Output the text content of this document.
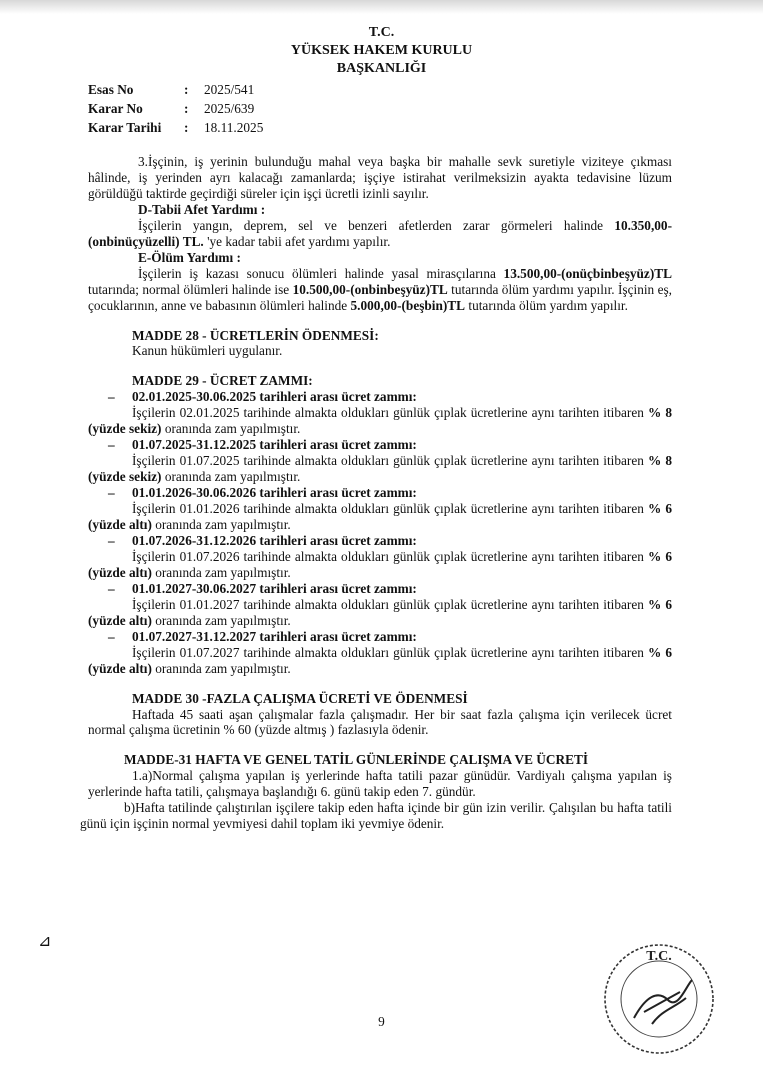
T.C.
YÜKSEK HAKEM KURULU
BAŞKANLIĞI
Esas No	:	2025/541
Karar No	:	2025/639
Karar Tarihi	:	18.11.2025

3.İşçinin, iş yerinin bulunduğu mahal veya başka bir mahalle sevk suretiyle viziteye çıkması hâlinde, iş yerinden ayrı kalacağı zamanlarda; işçiye istirahat verilmeksizin ayakta tedavisine lüzum görüldüğü taktirde geçirdiği süreler için işçi ücretli izinli sayılır.

D-Tabii Afet Yardımı :

İşçilerin yangın, deprem, sel ve benzeri afetlerden zarar görmeleri halinde 10.350,00-(onbinüçyüzelli) TL. 'ye kadar tabii afet yardımı yapılır.

E-Ölüm Yardımı :

İşçilerin iş kazası sonucu ölümleri halinde yasal mirasçılarına 13.500,00-(onüçbinbeşyüz)TL tutarında; normal ölümleri halinde ise 10.500,00-(onbinbeşyüz)TL tutarında ölüm yardımı yapılır. İşçinin eş, çocuklarının, anne ve babasının ölümleri halinde 5.000,00-(beşbin)TL tutarında ölüm yardım yapılır.

MADDE 28 - ÜCRETLERİN ÖDENMESİ:
Kanun hükümleri uygulanır.
MADDE 29 - ÜCRET ZAMMI:
– 02.01.2025-30.06.2025 tarihleri arası ücret zammı:

İşçilerin 02.01.2025 tarihinde almakta oldukları günlük çıplak ücretlerine aynı tarihten itibaren % 8 (yüzde sekiz) oranında zam yapılmıştır.

– 01.07.2025-31.12.2025 tarihleri arası ücret zammı:

İşçilerin 01.07.2025 tarihinde almakta oldukları günlük çıplak ücretlerine aynı tarihten itibaren % 8 (yüzde sekiz) oranında zam yapılmıştır.

– 01.01.2026-30.06.2026 tarihleri arası ücret zammı:

İşçilerin 01.01.2026 tarihinde almakta oldukları günlük çıplak ücretlerine aynı tarihten itibaren % 6 (yüzde altı) oranında zam yapılmıştır.

– 01.07.2026-31.12.2026 tarihleri arası ücret zammı:

İşçilerin 01.07.2026 tarihinde almakta oldukları günlük çıplak ücretlerine aynı tarihten itibaren % 6 (yüzde altı) oranında zam yapılmıştır.

– 01.01.2027-30.06.2027 tarihleri arası ücret zammı:

İşçilerin 01.01.2027 tarihinde almakta oldukları günlük çıplak ücretlerine aynı tarihten itibaren % 6 (yüzde altı) oranında zam yapılmıştır.

– 01.07.2027-31.12.2027 tarihleri arası ücret zammı:

İşçilerin 01.07.2027 tarihinde almakta oldukları günlük çıplak ücretlerine aynı tarihten itibaren % 6 (yüzde altı) oranında zam yapılmıştır.

MADDE 30 -FAZLA ÇALIŞMA ÜCRETİ VE ÖDENMESİ

Haftada 45 saati aşan çalışmalar fazla çalışmadır. Her bir saat fazla çalışma için verilecek ücret normal çalışma ücretinin % 60 (yüzde altmış ) fazlasıyla ödenir.

MADDE-31 HAFTA VE GENEL TATİL GÜNLERİNDE ÇALIŞMA VE ÜCRETİ

1.a)Normal çalışma yapılan iş yerlerinde hafta tatili pazar günüdür. Vardiyalı çalışma yapılan iş yerlerinde hafta tatili, çalışmaya başlandığı 6. günü takip eden 7. gündür.

b)Hafta tatilinde çalıştırılan işçilere takip eden hafta içinde bir gün izin verilir. Çalışılan bu hafta tatili günü için işçinin normal yevmiyesi dahil toplam iki yevmiye ödenir.

⊿
T.C.
9
